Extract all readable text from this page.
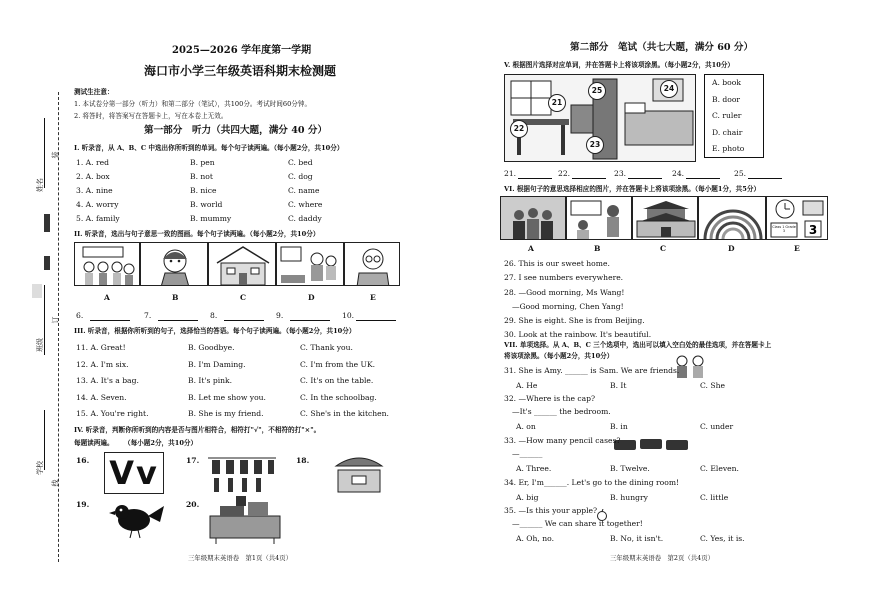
姓名
班级
学校
装
订
线
2025—2026 学年度第一学期
海口市小学三年级英语科期末检测题
测试生注意：
1. 本试卷分第一部分（听力）和第二部分（笔试），共100分。考试时间60分钟。
2. 将答时，将答案写在答题卡上，写在本卷上无效。
第一部分　听力（共四大题，满分 40 分）
I. 听录音，从 A、B、C 中选出你所听到的单词。每个句子读两遍。（每小题2分，共10分）
1. A. red	B. pen	C. bed
2. A. box	B. not	C. dog
3. A. nine	B. nice	C. name
4. A. worry	B. world	C. where
5. A. family	B. mummy	C. daddy
II. 听录音，选出与句子意思一致的图画。每个句子读两遍。（每小题2分，共10分）
A	B	C	D	E
6.	7.	8.	9.	10.
III. 听录音，根据你所听到的句子，选择恰当的答语。每个句子读两遍。（每小题2分，共10分）
11. A. Great!	B. Goodbye.	C. Thank you.
12. A. I'm six.	B. I'm Daming.	C. I'm from the UK.
13. A. It's a bag.	B. It's pink.	C. It's on the table.
14. A. Seven.	B. Let me show you.	C. In the schoolbag.
15. A. You're right.	B. She is my friend.	C. She's in the kitchen.
IV. 听录音，判断你所听到的内容是否与图片相符合，相符打"√"，不相符的打"×"。
每题读两遍。 （每小题2分，共10分）
16. Vv	17.	18.
19.	20.
三年级期末英语卷　第1页（共4页）
第二部分　笔试（共七大题，满分 60 分）
V. 根据图片选择对应单词，并在答题卡上将该项涂黑。（每小题2分，共10分）
21
25	24
22
23
A. book
B. door
C. ruler
D. chair
E. photo
21.	22.	23.	24.	25.
VI. 根据句子的意思选择相应的图片，并在答题卡上将该项涂黑。（每小题1分，共5分）
3
Class 1 Grade 3
A	B	C	D	E
26. This is our sweet home.
27. I see numbers everywhere.
28. —Good morning, Ms Wang!
—Good morning, Chen Yang!
29. She is eight. She is from Beijing.
30. Look at the rainbow. It's beautiful.
VII. 单项选择。从 A、B、C 三个选项中，选出可以填入空白处的最佳选项，并在答题卡上
将该项涂黑。（每小题2分，共10分）
31. She is Amy. ______ is Sam. We are friends.
A. He	B. It	C. She
32. —Where is the cap?
—It's ______ the bedroom.
A. on	B. in	C. under
33. —How many pencil cases?
—______
A. Three.	B. Twelve.	C. Eleven.
34. Er, I'm______. Let's go to the dining room!
A. big	B. hungry	C. little
35. —Is this your apple?
—______ We can share it together!
A. Oh, no.	B. No, it isn't.	C. Yes, it is.
三年级期末英语卷　第2页（共4页）
